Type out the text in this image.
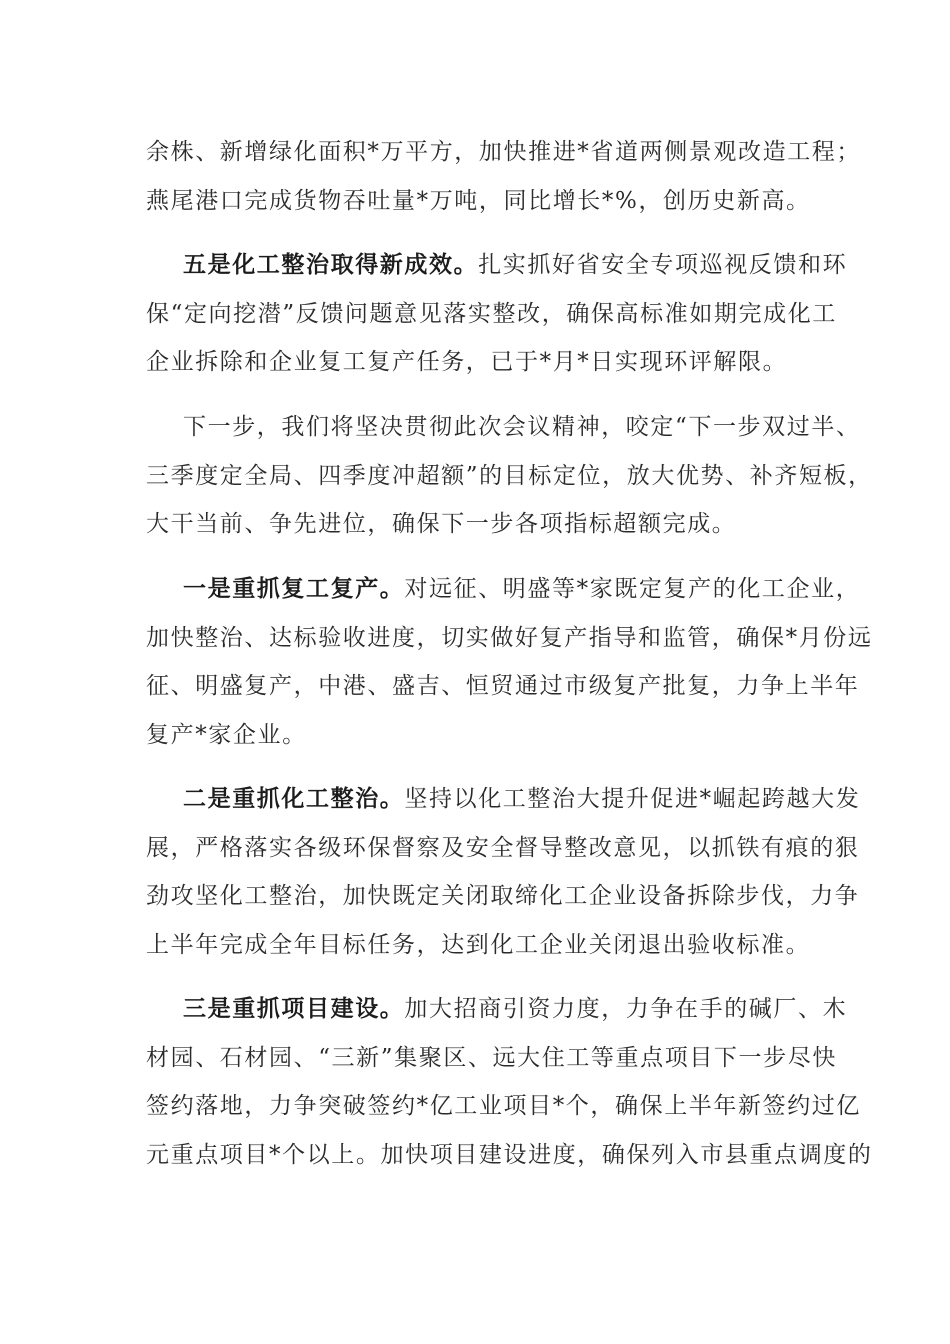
余株、新增绿化面积*万平方，加快推进*省道两侧景观改造工程；
燕尾港口完成货物吞吐量*万吨，同比增长*%，创历史新高。
五是化工整治取得新成效。扎实抓好省安全专项巡视反馈和环
保“定向挖潜”反馈问题意见落实整改，确保高标准如期完成化工
企业拆除和企业复工复产任务，已于*月*日实现环评解限。
下一步，我们将坚决贯彻此次会议精神，咬定“下一步双过半、
三季度定全局、四季度冲超额”的目标定位，放大优势、补齐短板，
大干当前、争先进位，确保下一步各项指标超额完成。
一是重抓复工复产。对远征、明盛等*家既定复产的化工企业，
加快整治、达标验收进度，切实做好复产指导和监管，确保*月份远
征、明盛复产，中港、盛吉、恒贸通过市级复产批复，力争上半年
复产*家企业。
二是重抓化工整治。坚持以化工整治大提升促进*崛起跨越大发
展，严格落实各级环保督察及安全督导整改意见，以抓铁有痕的狠
劲攻坚化工整治，加快既定关闭取缔化工企业设备拆除步伐，力争
上半年完成全年目标任务，达到化工企业关闭退出验收标准。
三是重抓项目建设。加大招商引资力度，力争在手的碱厂、木
材园、石材园、“三新”集聚区、远大住工等重点项目下一步尽快
签约落地，力争突破签约*亿工业项目*个，确保上半年新签约过亿
元重点项目*个以上。加快项目建设进度，确保列入市县重点调度的
